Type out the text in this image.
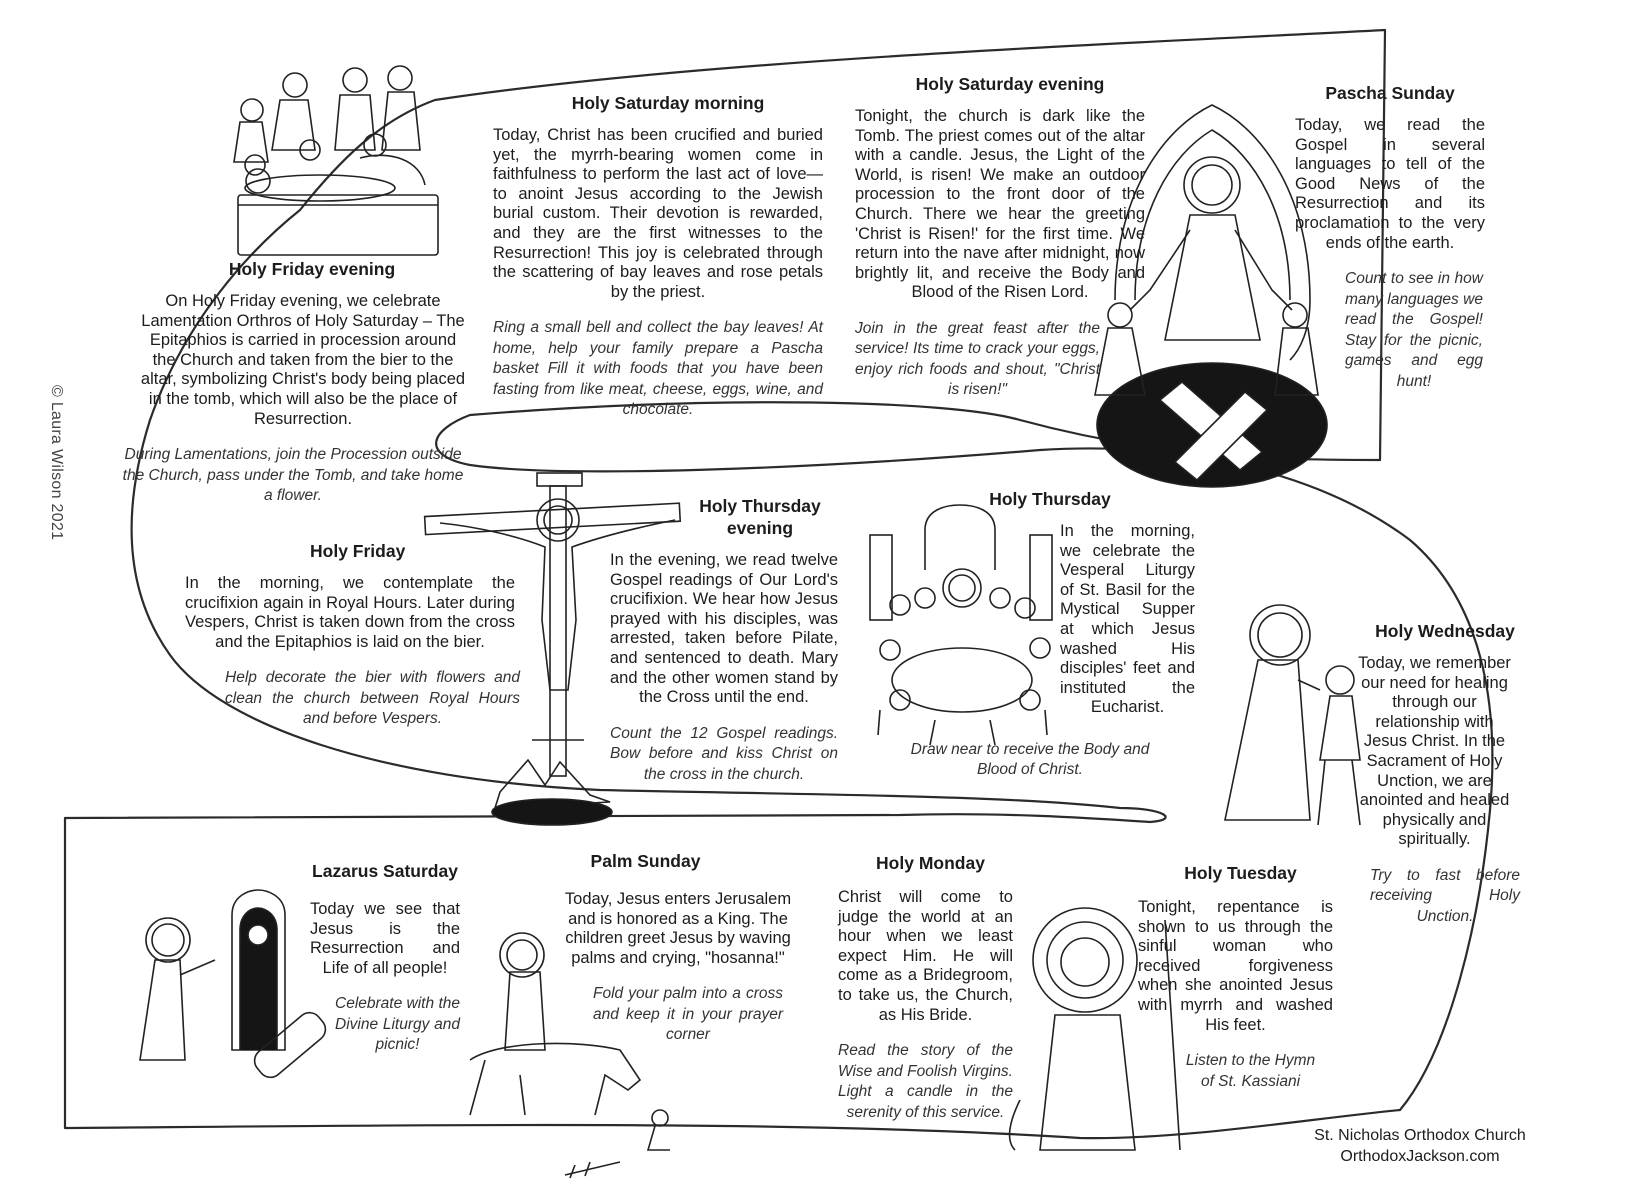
© Laura Wilson 2021
Holy Friday evening
On Holy Friday evening, we celebrate Lamentation Orthros of Holy Saturday – The Epitaphios is carried in procession around the Church and taken from the bier to the altar, symbolizing Christ's body being placed in the tomb, which will also be the place of Resurrection.
During Lamentations, join the Procession outside the Church, pass under the Tomb, and take home a flower.
Holy Saturday morning
Today, Christ has been crucified and buried yet, the myrrh-bearing women come in faithfulness to perform the last act of love—to anoint Jesus according to the Jewish burial custom. Their devotion is rewarded, and they are the first witnesses to the Resurrection! This joy is celebrated through the scattering of bay leaves and rose petals by the priest.
Ring a small bell and collect the bay leaves! At home, help your family prepare a Pascha basket Fill it with foods that you have been fasting from like meat, cheese, eggs, wine, and chocolate.
Holy Saturday evening
Tonight, the church is dark like the Tomb. The priest comes out of the altar with a candle. Jesus, the Light of the World, is risen! We make an outdoor procession to the front door of the Church. There we hear the greeting 'Christ is Risen!' for the first time. We return into the nave after midnight, now brightly lit, and receive the Body and Blood of the Risen Lord.
Join in the great feast after the service! Its time to crack your eggs, enjoy rich foods and shout, "Christ is risen!"
Pascha Sunday
Today, we read the Gospel in several languages to tell of the Good News of the Resurrection and its proclamation to the very ends of the earth.
Count to see in how many languages we read the Gospel! Stay for the picnic, games and egg hunt!
Holy Friday
In the morning, we contemplate the crucifixion again in Royal Hours. Later during Vespers, Christ is taken down from the cross and the Epitaphios is laid on the bier.
Help decorate the bier with flowers and clean the church between Royal Hours and before Vespers.
Holy Thursday evening
In the evening, we read twelve Gospel readings of Our Lord's crucifixion. We hear how Jesus prayed with his disciples, was arrested, taken before Pilate, and sentenced to death. Mary and the other women stand by the Cross until the end.
Count the 12 Gospel readings. Bow before and kiss Christ on the cross in the church.
Holy Thursday
In the morning, we celebrate the Vesperal Liturgy of St. Basil for the Mystical Supper at which Jesus washed His disciples' feet and instituted the Eucharist.
Draw near to receive the Body and Blood of Christ.
Holy Wednesday
Today, we remember our need for healing through our relationship with Jesus Christ. In the Sacrament of Holy Unction, we are anointed and healed physically and spiritually.
Try to fast before receiving Holy Unction.
Lazarus Saturday
Today we see that Jesus is the Resurrection and Life of all people!
Celebrate with the Divine Liturgy and picnic!
Palm Sunday
Today, Jesus enters Jerusalem and is honored as a King. The children greet Jesus by waving palms and crying, "hosanna!"
Fold your palm into a cross and keep it in your prayer corner
Holy Monday
Christ will come to judge the world at an hour when we least expect Him. He will come as a Bridegroom, to take us, the Church, as His Bride.
Read the story of the Wise and Foolish Virgins. Light a candle in the serenity of this service.
Holy Tuesday
Tonight, repentance is shown to us through the sinful woman who received forgiveness when she anointed Jesus with myrrh and washed His feet.
Listen to the Hymn of St. Kassiani
St. Nicholas Orthodox Church
OrthodoxJackson.com
